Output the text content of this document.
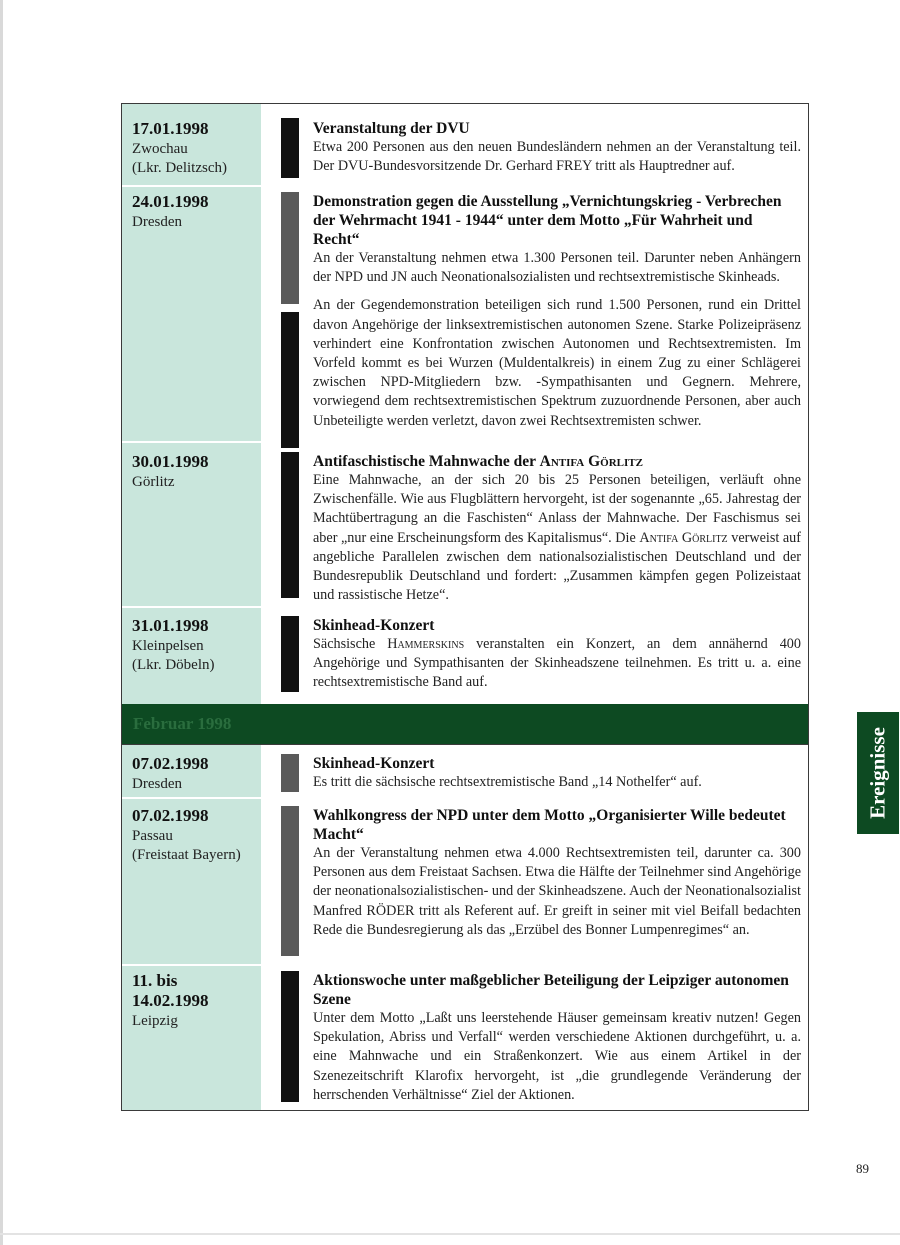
17.01.1998
Zwochau
(Lkr. Delitzsch)
Veranstaltung der DVU
Etwa 200 Personen aus den neuen Bundesländern nehmen an der Veranstaltung teil. Der DVU-Bundesvorsitzende Dr. Gerhard FREY tritt als Hauptredner auf.
24.01.1998
Dresden
Demonstration gegen die Ausstellung „Vernichtungskrieg - Verbrechen der Wehrmacht 1941 - 1944“ unter dem Motto „Für Wahrheit und Recht“
An der Veranstaltung nehmen etwa 1.300 Personen teil. Darunter neben Anhängern der NPD und JN auch Neonationalsozialisten und rechtsextremistische Skinheads.
An der Gegendemonstration beteiligen sich rund 1.500 Personen, rund ein Drittel davon Angehörige der linksextremistischen autonomen Szene. Starke Polizeipräsenz verhindert eine Konfrontation zwischen Autonomen und Rechtsextremisten. Im Vorfeld kommt es bei Wurzen (Muldentalkreis) in einem Zug zu einer Schlägerei zwischen NPD-Mitgliedern bzw. -Sympathisanten und Gegnern. Mehrere, vorwiegend dem rechtsextremistischen Spektrum zuzuordnende Personen, aber auch Unbeteiligte werden verletzt, davon zwei Rechtsextremisten schwer.
30.01.1998
Görlitz
Antifaschistische Mahnwache der Antifa Görlitz
Eine Mahnwache, an der sich 20 bis 25 Personen beteiligen, verläuft ohne Zwischenfälle. Wie aus Flugblättern hervorgeht, ist der sogenannte „65. Jahrestag der Machtübertragung an die Faschisten“ Anlass der Mahnwache. Der Faschismus sei aber „nur eine Erscheinungsform des Kapitalismus“. Die Antifa Görlitz verweist auf angebliche Parallelen zwischen dem nationalsozialistischen Deutschland und der Bundesrepublik Deutschland und fordert: „Zusammen kämpfen gegen Polizeistaat und rassistische Hetze“.
31.01.1998
Kleinpelsen
(Lkr. Döbeln)
Skinhead-Konzert
Sächsische Hammerskins veranstalten ein Konzert, an dem annähernd 400 Angehörige und Sympathisanten der Skinheadszene teilnehmen. Es tritt u. a. eine rechtsextremistische Band auf.
Februar 1998
07.02.1998
Dresden
Skinhead-Konzert
Es tritt die sächsische rechtsextremistische Band „14 Nothelfer“ auf.
07.02.1998
Passau
(Freistaat Bayern)
Wahlkongress der NPD unter dem Motto „Organisierter Wille bedeutet Macht“
An der Veranstaltung nehmen etwa 4.000 Rechtsextremisten teil, darunter ca. 300 Personen aus dem Freistaat Sachsen. Etwa die Hälfte der Teilnehmer sind Angehörige der neonationalsozialistischen- und der Skinheadszene. Auch der Neonationalsozialist Manfred RÖDER tritt als Referent auf. Er greift in seiner mit viel Beifall bedachten Rede die Bundesregierung als das „Erzübel des Bonner Lumpenregimes“ an.
11. bis
14.02.1998
Leipzig
Aktionswoche unter maßgeblicher Beteiligung der Leipziger autonomen Szene
Unter dem Motto „Laßt uns leerstehende Häuser gemeinsam kreativ nutzen! Gegen Spekulation, Abriss und Verfall“ werden verschiedene Aktionen durchgeführt, u. a. eine Mahnwache und ein Straßenkonzert. Wie aus einem Artikel in der Szenezeitschrift Klarofix hervorgeht, ist „die grundlegende Veränderung der herrschenden Verhältnisse“ Ziel der Aktionen.
Ereignisse
89
